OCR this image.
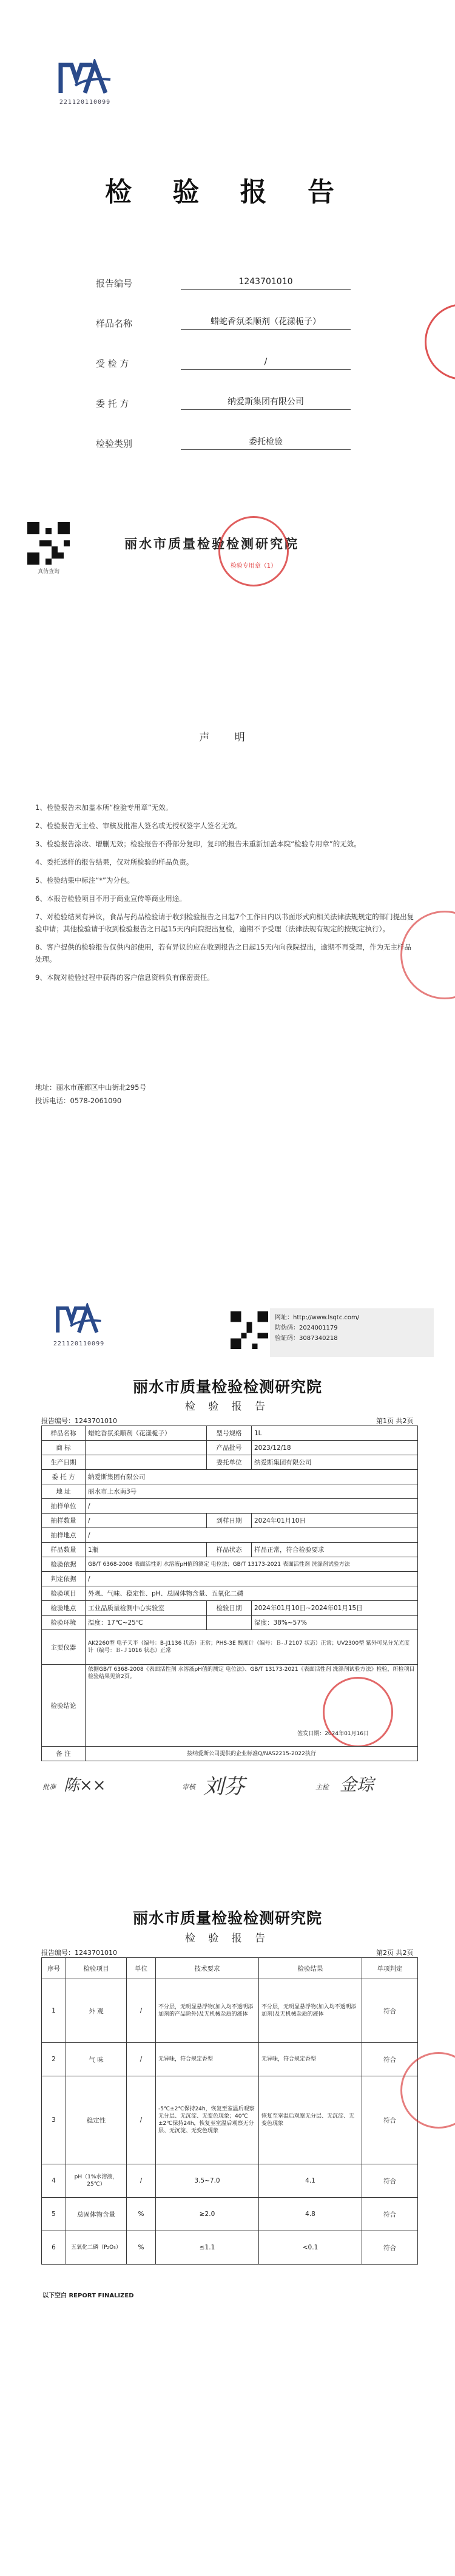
221120110099
检 验 报 告
报告编号	1243701010
样品名称	蜡蛇香氛柔顺剂（花漾栀子）
受 检 方	/
委 托 方	纳爱斯集团有限公司
检验类别	委托检验
真伪查询
丽水市质量检验检测研究院
检验专用章（1）
声 明

1、检验报告未加盖本所“检验专用章”无效。

2、检验报告无主检、审核及批准人签名或无授权签字人签名无效。

3、检验报告涂改、增删无效；检验报告不得部分复印，复印的报告未重新加盖本院“检验专用章”的无效。

4、委托送样的报告结果，仅对所检验的样品负责。

5、检验结果中标注“*”为分包。

6、本报告检验项目不用于商业宣传等商业用途。

7、对检验结果有异议，食品与药品检验请于收到检验报告之日起7个工作日内以书面形式向相关法律法规规定的部门提出复验申请；其他检验请于收到检验报告之日起15天内向院提出复检，逾期不予受理（法律法规有规定的按规定执行）。

8、客户提供的检验报告仅供内部使用，若有异议的应在收到报告之日起15天内向我院提出，逾期不再受理，作为无主样品处理。

9、本院对检验过程中获得的客户信息资料负有保密责任。

地址：丽水市莲都区中山街北295号
投诉电话：0578-2061090
221120110099
网址：http://www.lsqtc.com/
防伪码：2024001179
验证码：3087340218
丽水市质量检验检测研究院
检 验 报 告
报告编号：1243701010	第1页 共2页
样品名称	蜡蛇香氛柔顺剂（花漾栀子）	型号规格	1L
商 标		产品批号	2023/12/18
生产日期		委托单位	纳爱斯集团有限公司
委 托 方	纳爱斯集团有限公司		
地 址	丽水市上水南3号		
抽样单位	/		
抽样数量	/	到样日期	2024年01月10日
抽样地点	/		
样品数量	1瓶	样品状态	样品正常，符合检验要求
检验依据	GB/T 6368-2008 表面活性剂 水溶液pH值的测定 电位法；GB/T 13173-2021 表面活性剂 洗涤剂试验方法		
判定依据	/		
检验项目	外观、气味、稳定性、pH、总固体物含量、五氧化二磷		
检验地点	工业品质量检测中心实验室	检验日期	2024年01月10日~2024年01月15日
检验环境	温度：17℃~25℃		湿度：38%~57%
主要仪器	AK2260型 电子天平（编号：B-J1136 状态）正常；PHS-3E 酸度计（编号：Ｂ-Ｊ2107 状态）正常；UV2300型 紫外可见分光光度计（编号：Ｂ-Ｊ1016 状态）正常		
检验结论	依据GB/T 6368-2008《表面活性剂 水溶液pH值的测定 电位法》、GB/T 13173-2021《表面活性剂 洗涤剂试验方法》检验，所检项目检验结果见第2页。
签发日期：2024年01月16日		

备 注	按纳爱斯公司提供的企业标准Q/NAS2215-2022执行		
批准 陈××	审核 刘芬	主检 金琮
丽水市质量检验检测研究院
检 验 报 告
报告编号：1243701010	第2页 共2页
序号	检验项目	单位	技术要求	检验结果	单项判定
1	外 观	/	不分层，无明显悬浮物(加入均不透明添加剂的产品除外)及无机械杂质的液体	不分层，无明显悬浮物(加入均不透明添加剂)及无机械杂质的液体	符合
2	气 味	/	无异味，符合规定香型	无异味，符合规定香型	符合
3	稳定性	/	-5℃±2℃保持24h，恢复至室温后观察无分层、无沉淀、无变色现象；40℃±2℃保持24h，恢复至室温后观察无分层、无沉淀、无变色现象	恢复至室温后观察无分层、无沉淀、无变色现象	符合
4	pH（1%水溶液，25℃）	/	3.5~7.0	4.1	符合
5	总固体物含量	%	≥2.0	4.8	符合
6	五氧化二磷（P₂O₅）	%	≤1.1	<0.1	符合
以下空白 REPORT FINALIZED
